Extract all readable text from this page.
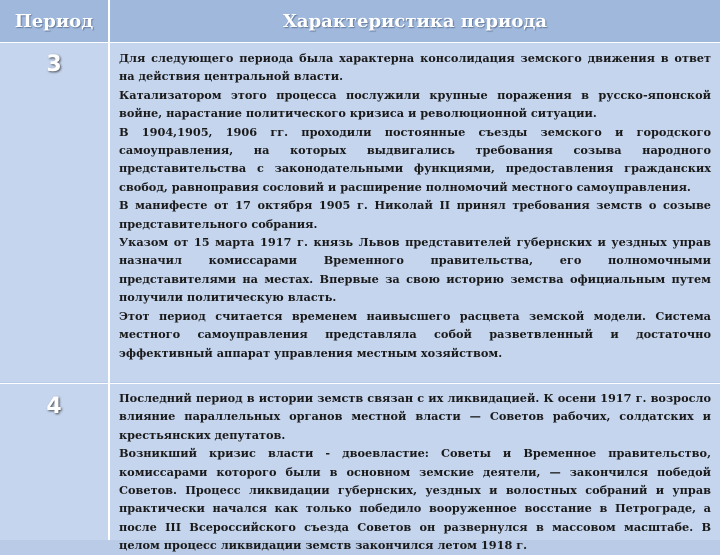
Период	Характеристика периода
3
4

Для следующего периода была характерна консолидация земского движения в ответ на действия центральной власти.

Катализатором этого процесса послужили крупные поражения в русско-японской войне, нарастание политического кризиса и революционной ситуации.

В 1904,1905, 1906 гг. проходили постоянные съезды земского и городского самоуправления, на которых выдвигались требования созыва народного представительства с законодательными функциями, предоставления гражданских свобод, равноправия сословий и расширение полномочий местного самоуправления.

В манифесте от 17 октября 1905 г. Николай II принял требования земств о созыве представительного собрания.

Указом от 15 марта 1917 г. князь Львов представителей губернских и уездных управ назначил комиссарами Временного правительства, его полномочными представителями на местах. Впервые за свою историю земства официальным путем получили политическую власть.

Этот период считается временем наивысшего расцвета земской модели. Система местного самоуправления представляла собой разветвленный и достаточно эффективный аппарат управления местным хозяйством.

Последний период в истории земств связан с их ликвидацией. К осени 1917 г. возросло влияние параллельных органов местной власти — Советов рабочих, солдатских и крестьянских депутатов.

Возникший кризис власти - двоевластие: Советы и Временное правительство, комиссарами которого были в основном земские деятели, — закончился победой Советов. Процесс ликвидации губернских, уездных и волостных собраний и управ практически начался как только победило вооруженное восстание в Петрограде, а после III Всероссийского съезда Советов он развернулся в массовом масштабе. В целом процесс ликвидации земств закончился летом 1918 г.
